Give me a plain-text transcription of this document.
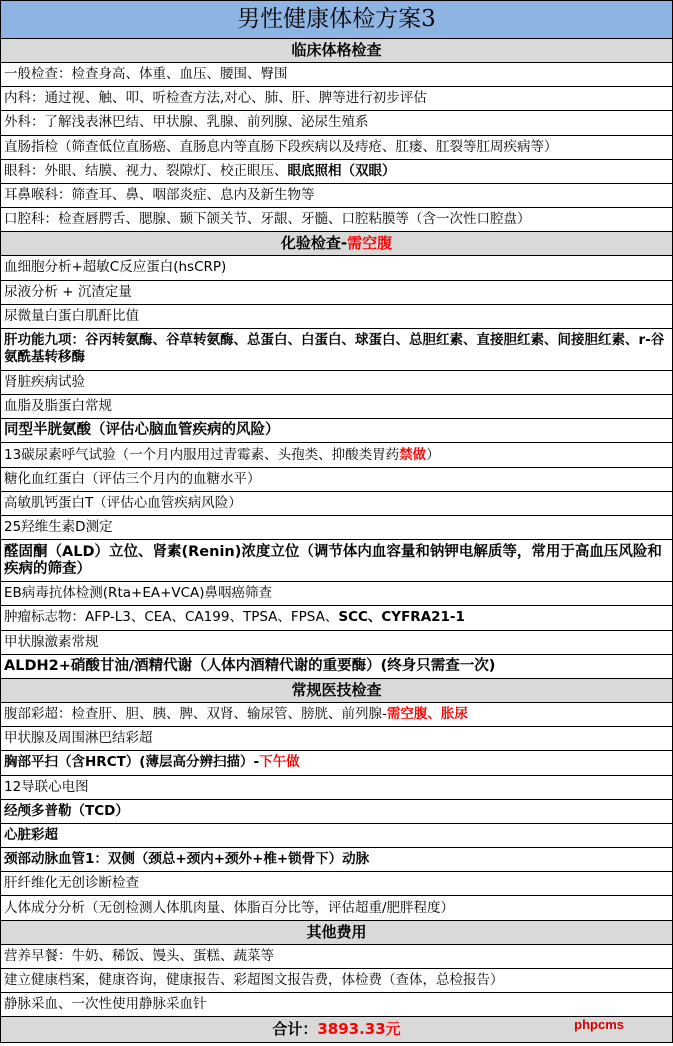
男性健康体检方案3
临床体格检查
一般检查：检查身高、体重、血压、腰围、臀围
内科：通过视、触、叩、听检查方法,对心、肺、肝、脾等进行初步评估
外科：了解浅表淋巴结、甲状腺、乳腺、前列腺、泌尿生殖系
直肠指检（筛查低位直肠癌、直肠息内等直肠下段疾病以及痔疮、肛瘘、肛裂等肛周疾病等）
眼科：外眼、结膜、视力、裂隙灯、校正眼压、 眼底照相（双眼）
耳鼻喉科：筛查耳、鼻、咽部炎症、息内及新生物等
口腔科：检查唇腭舌、腮腺、颞下颌关节、牙龈、牙髓、口腔粘膜等（含一次性口腔盘）
化验检查- 需空腹
血细胞分析+超敏C反应蛋白(hsCRP)
尿液分析 + 沉渣定量
尿微量白蛋白肌酐比值
肝功能九项：谷丙转氨酶、谷草转氨酶、总蛋白、白蛋白、球蛋白、总胆红素、直接胆红素、间接胆红素、r-谷氨酰基转移酶
肾脏疾病试验
血脂及脂蛋白常规
同型半胱氨酸（评估心脑血管疾病的风险）
13碳尿素呼气试验（一个月内服用过青霉素、头孢类、抑酸类胃药 禁做 ）
糖化血红蛋白（评估三个月内的血糖水平）
高敏肌钙蛋白T（评估心血管疾病风险）
25羟维生素D测定
醛固酮（ALD）立位、肾素(Renin)浓度立位（调节体内血容量和钠钾电解质等，常用于高血压风险和疾病的筛查）
EB病毒抗体检测(Rta+EA+VCA)鼻咽癌筛查
肿瘤标志物：AFP-L3、CEA、CA199、TPSA、FPSA、 SCC、CYFRA21-1
甲状腺激素常规
ALDH2+硝酸甘油/酒精代谢（人体内酒精代谢的重要酶）(终身只需查一次)
常规医技检查
腹部彩超：检查肝、胆、胰、脾、双肾、输尿管、膀胱、前列腺- 需空腹、胀尿
甲状腺及周围淋巴结彩超
胸部平扫（含HRCT）(薄层高分辨扫描）- 下午做
12导联心电图
经颅多普勒（TCD）
心脏彩超
颈部动脉血管1：双侧（颈总+颈内+颈外+椎+锁骨下）动脉
肝纤维化无创诊断检查
人体成分分析（无创检测人体肌肉量、体脂百分比等，评估超重/肥胖程度）
其他费用
营养早餐：牛奶、稀饭、馒头、蛋糕、蔬菜等
建立健康档案，健康咨询，健康报告、彩超图文报告费，体检费（查体，总检报告）
静脉采血、一次性使用静脉采血针
合计： 3893.33元	phpcms
